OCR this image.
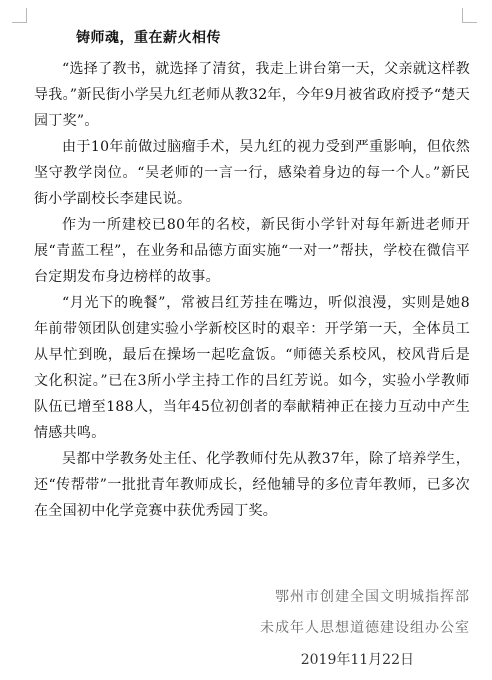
铸师魂，重在薪火相传

“选择了教书，就选择了清贫，我走上讲台第一天，父亲就这样教导我。”新民街小学吴九红老师从教32年，今年9月被省政府授予“楚天园丁奖”。

由于10年前做过脑瘤手术，吴九红的视力受到严重影响，但依然坚守教学岗位。“吴老师的一言一行，感染着身边的每一个人。”新民街小学副校长李建民说。

作为一所建校已80年的名校，新民街小学针对每年新进老师开展“青蓝工程”，在业务和品德方面实施“一对一”帮扶，学校在微信平台定期发布身边榜样的故事。

“月光下的晚餐”，常被吕红芳挂在嘴边，听似浪漫，实则是她8年前带领团队创建实验小学新校区时的艰辛：开学第一天，全体员工从早忙到晚，最后在操场一起吃盒饭。“师德关系校风，校风背后是文化积淀。”已在3所小学主持工作的吕红芳说。如今，实验小学教师队伍已增至188人，当年45位初创者的奉献精神正在接力互动中产生情感共鸣。

吴都中学教务处主任、化学教师付先从教37年，除了培养学生，还“传帮带”一批批青年教师成长，经他辅导的多位青年教师，已多次在全国初中化学竞赛中获优秀园丁奖。

鄂州市创建全国文明城指挥部
未成年人思想道德建设组办公室
2019年11月22日
